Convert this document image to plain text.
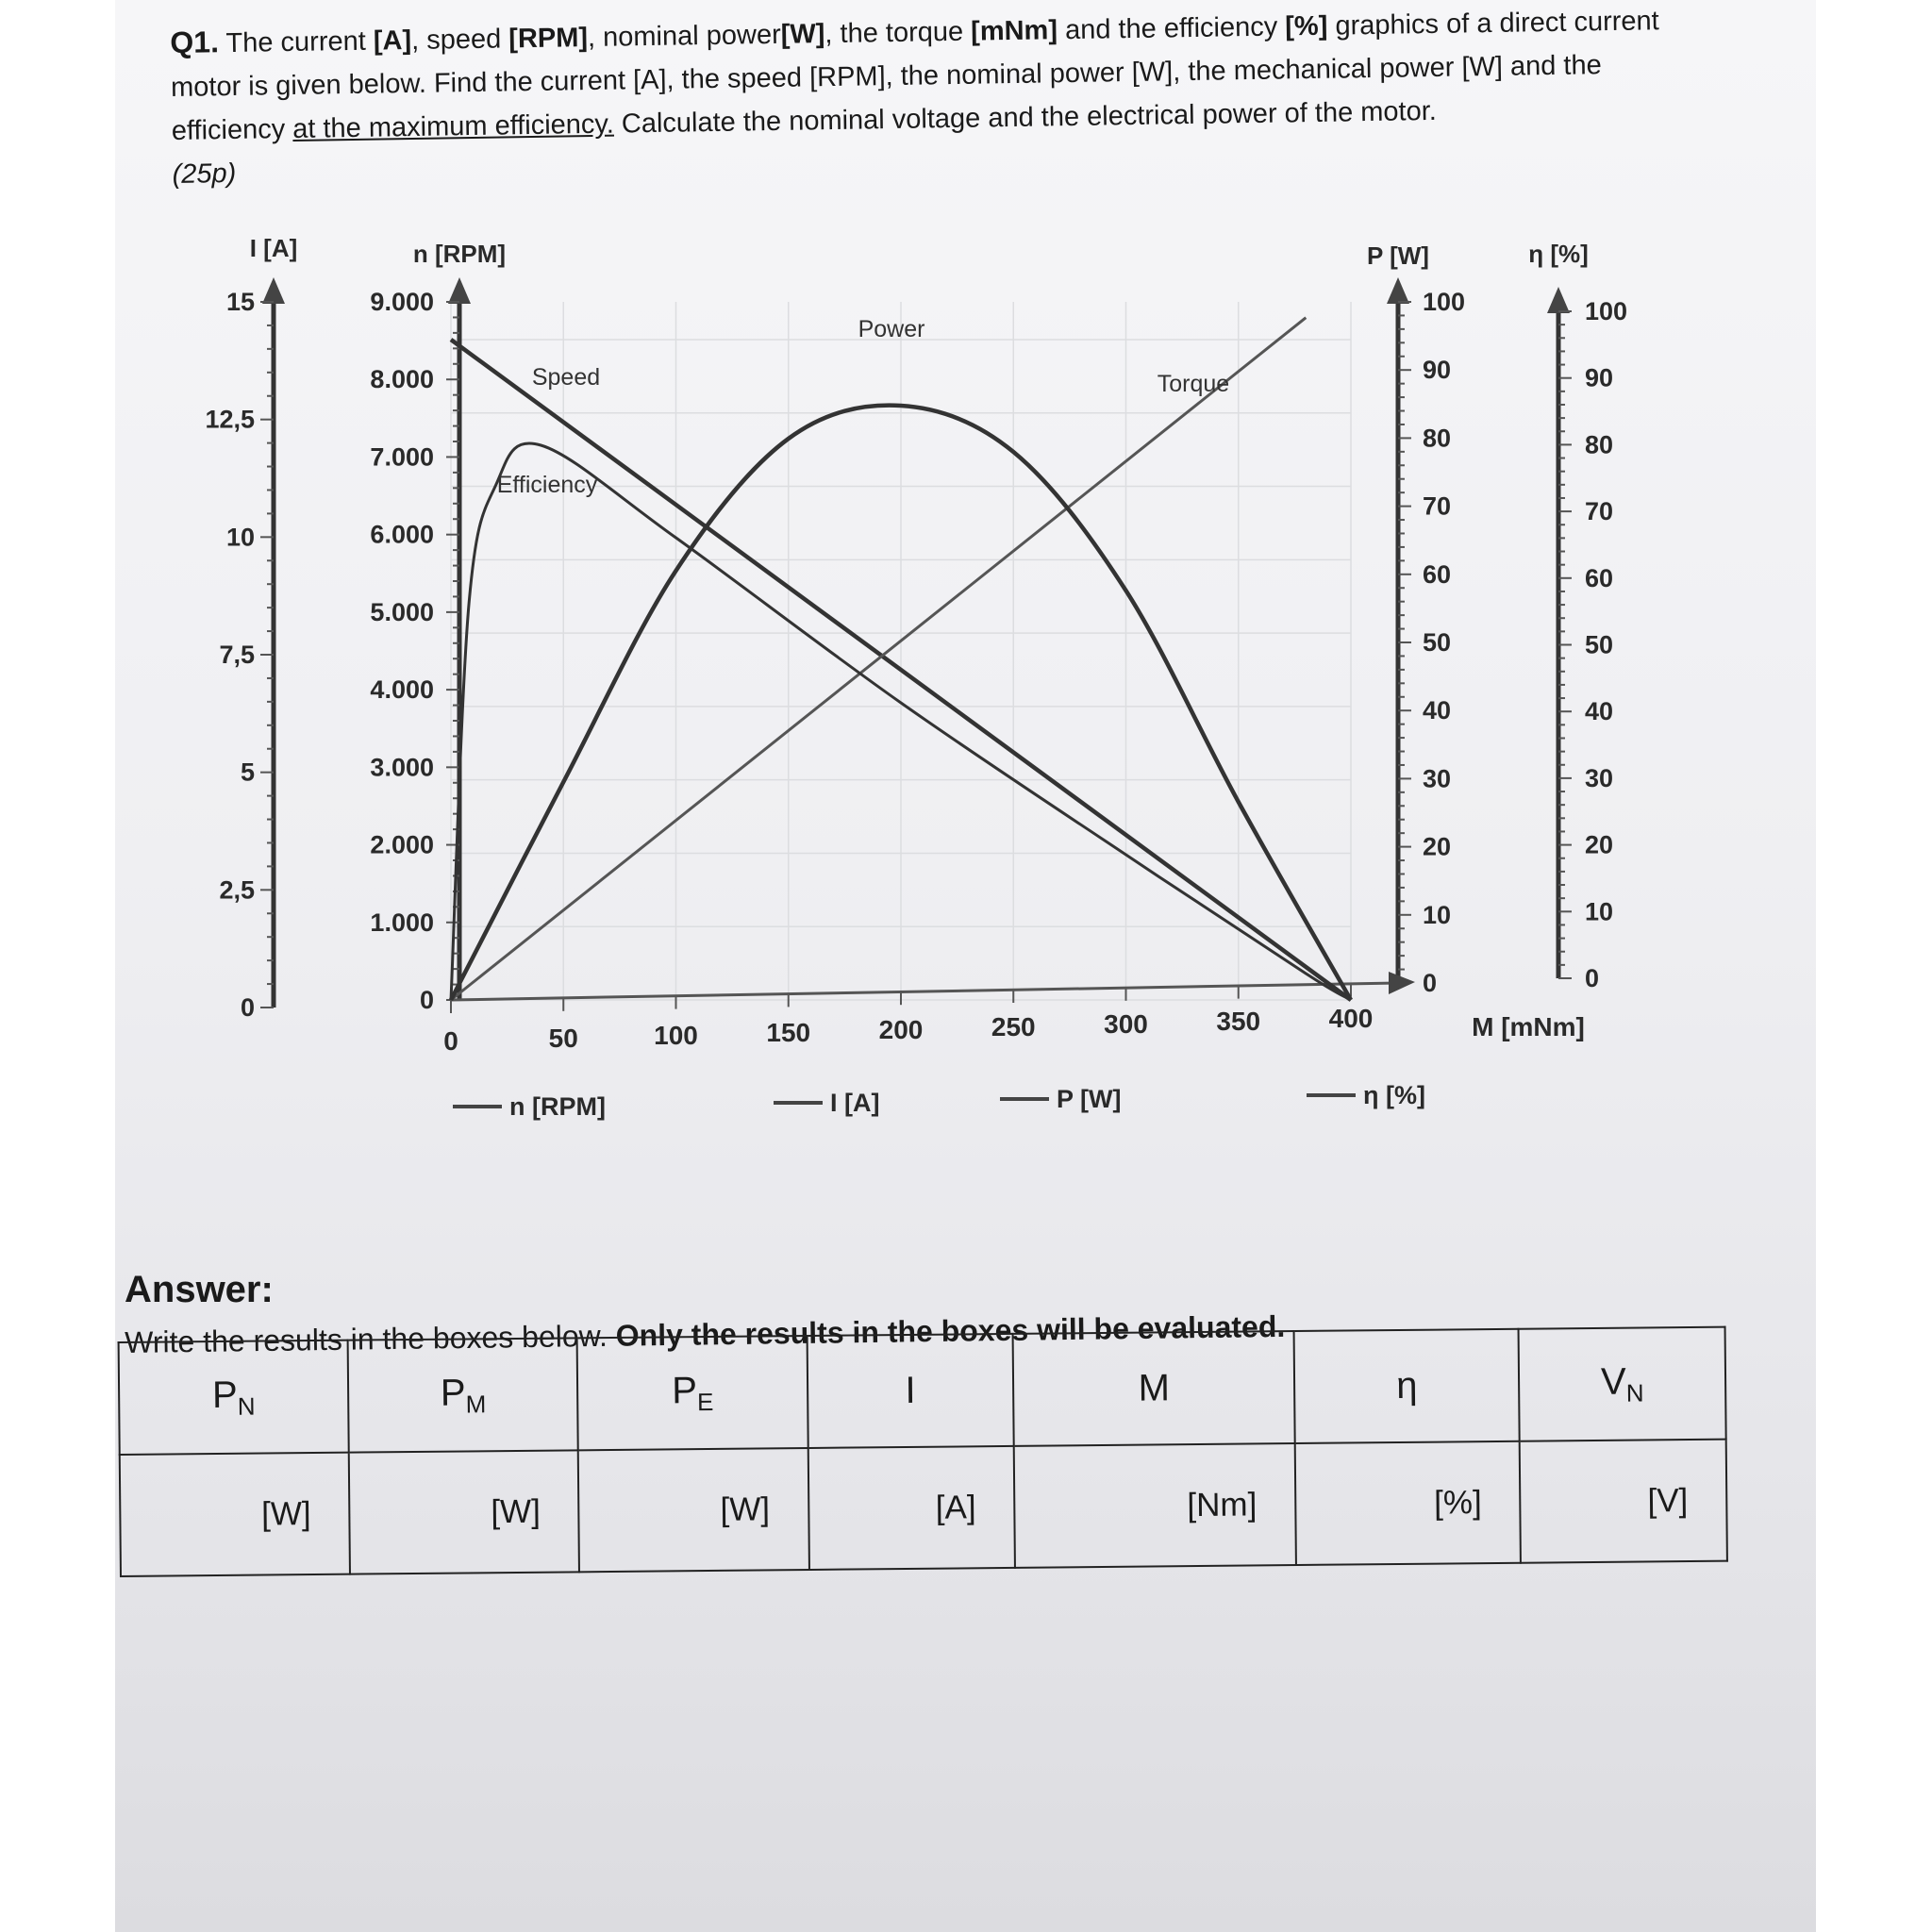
Q1. The current [A], speed [RPM], nominal power[W], the torque [mNm] and the efficiency [%] graphics of a direct current motor is given below. Find the current [A], the speed [RPM], the nominal power [W], the mechanical power [W] and the efficiency at the maximum efficiency. Calculate the nominal voltage and the electrical power of the motor.
(25p)
0
2,5
5
7,5
10
12,5
15
I [A]
0
1.000
2.000
3.000
4.000
5.000
6.000
7.000
8.000
9.000
n [RPM]
0
10
20
30
40
50
60
70
80
90
100
P [W]
0
10
20
30
40
50
60
70
80
90
100
η [%]
0	50	100	150	200	250	300	350	400	M [mNm]
Speed	Torque
Power
Efficiency
n [RPM]	I [A]	P [W]	η [%]
Answer:
Write the results in the boxes below. Only the results in the boxes will be evaluated.
$P_N$	$P_M$	$P_E$	I	M	η	$V_N$
[W]	[W]	[W]	[A]	[Nm]	[%]	[V]
